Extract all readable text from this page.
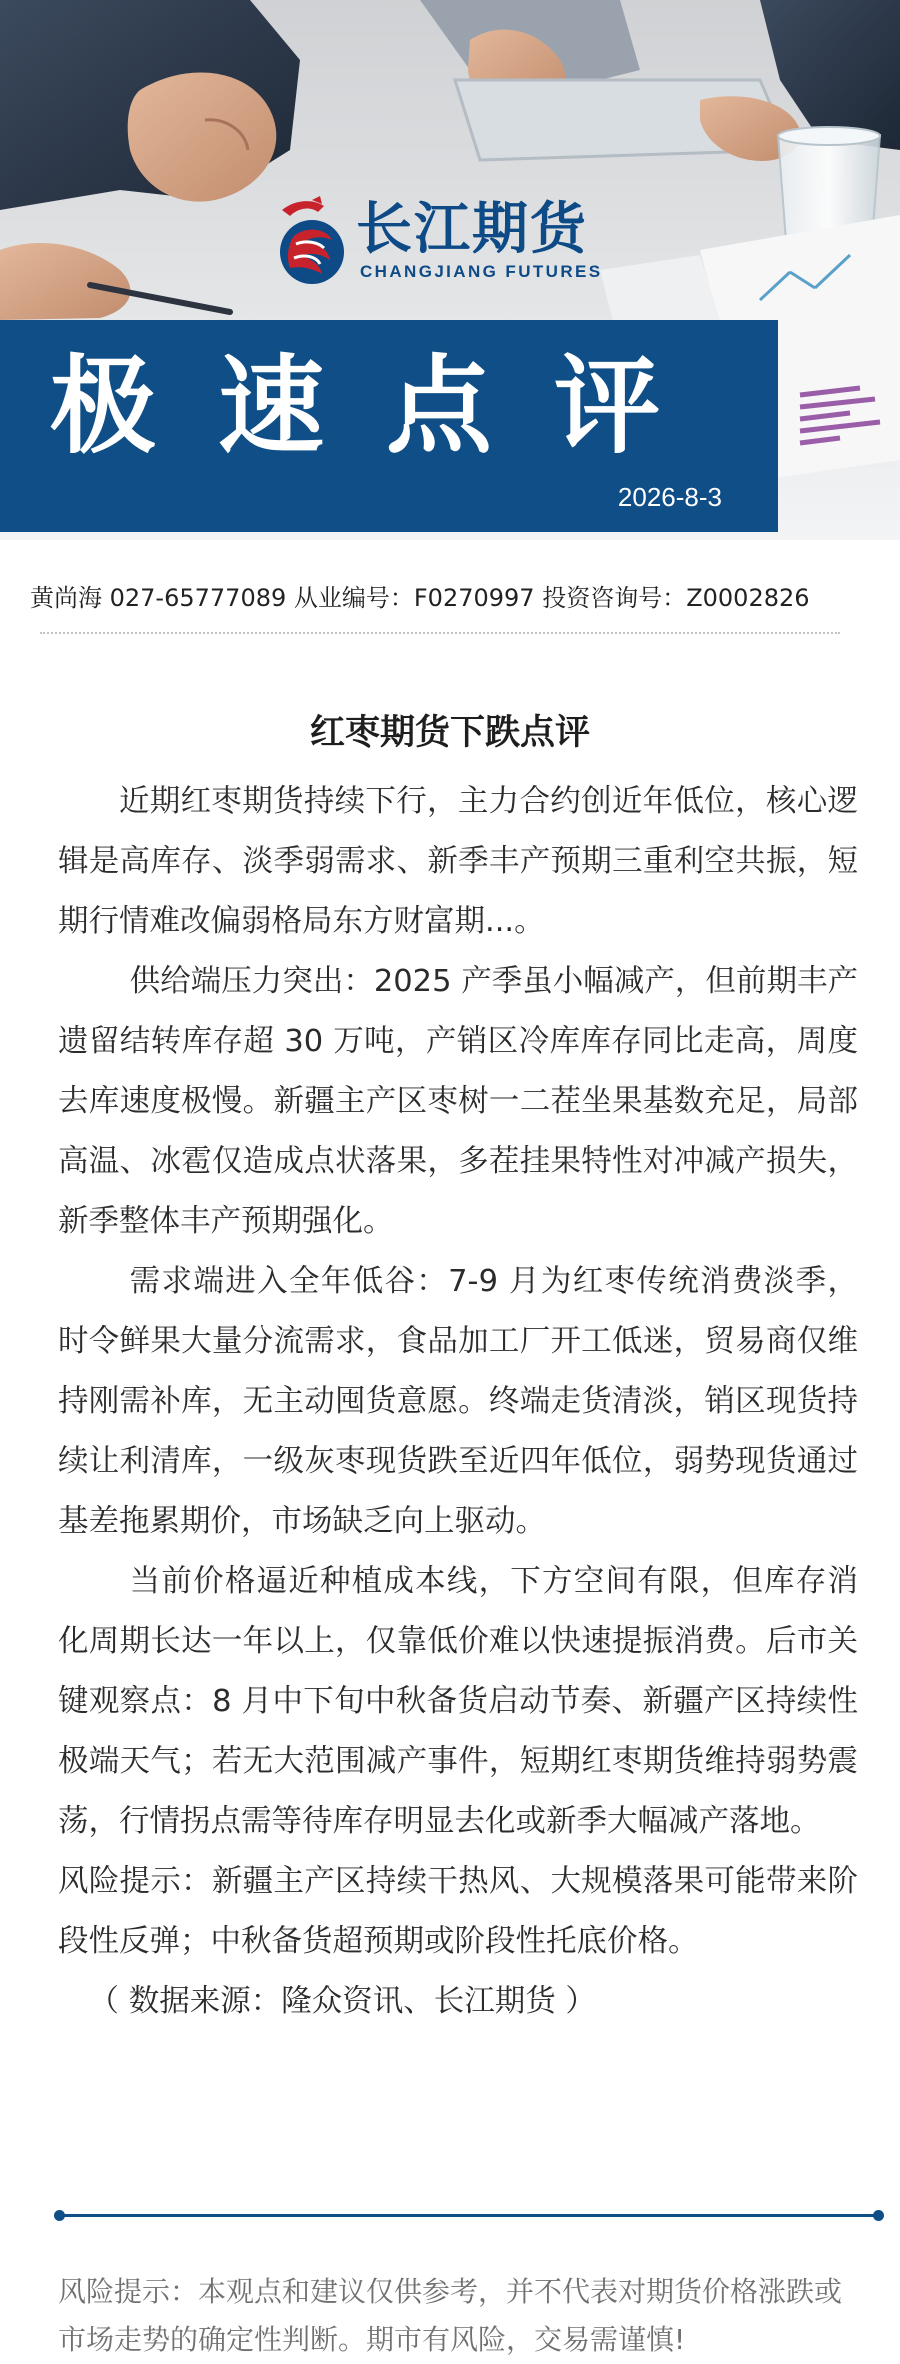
长江期货
CHANGJIANG FUTURES
极速点评
2026-8-3
黄尚海 027-65777089 从业编号：F0270997 投资咨询号：Z0002826
红枣期货下跌点评

近期红枣期货持续下行，主力合约创近年低位，核心逻辑是高库存、淡季弱需求、新季丰产预期三重利空共振，短期行情难改偏弱格局东方财富期...。

供给端压力突出：2025 产季虽小幅减产，但前期丰产遗留结转库存超 30 万吨，产销区冷库库存同比走高，周度去库速度极慢。新疆主产区枣树一二茬坐果基数充足，局部高温、冰雹仅造成点状落果，多茬挂果特性对冲减产损失，新季整体丰产预期强化。

需求端进入全年低谷：7-9 月为红枣传统消费淡季，时令鲜果大量分流需求，食品加工厂开工低迷，贸易商仅维持刚需补库，无主动囤货意愿。终端走货清淡，销区现货持续让利清库，一级灰枣现货跌至近四年低位，弱势现货通过基差拖累期价，市场缺乏向上驱动。

当前价格逼近种植成本线，下方空间有限，但库存消化周期长达一年以上，仅靠低价难以快速提振消费。后市关键观察点：8 月中下旬中秋备货启动节奏、新疆产区持续性极端天气；若无大范围减产事件，短期红枣期货维持弱势震荡，行情拐点需等待库存明显去化或新季大幅减产落地。

风险提示：新疆主产区持续干热风、大规模落果可能带来阶段性反弹；中秋备货超预期或阶段性托底价格。

（ 数据来源：隆众资讯、长江期货 ）

风险提示：本观点和建议仅供参考，并不代表对期货价格涨跌或市场走势的确定性判断。期市有风险，交易需谨慎!
